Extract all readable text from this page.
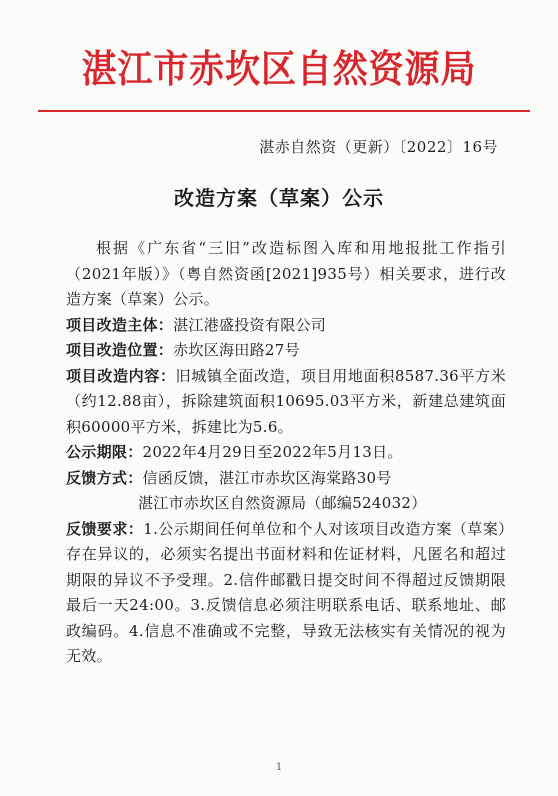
湛江市赤坎区自然资源局
湛赤自然资（更新）〔2022〕16号
改造方案（草案）公示

根据《广东省“三旧”改造标图入库和用地报批工作指引（2021年版）》（粤自然资函[2021]935号）相关要求，进行改造方案（草案）公示。

项目改造主体：湛江港盛投资有限公司

项目改造位置：赤坎区海田路27号

项目改造内容：旧城镇全面改造，项目用地面积8587.36平方米（约12.88亩），拆除建筑面积10695.03平方米，新建总建筑面积60000平方米，拆建比为5.6。

公示期限：2022年4月29日至2022年5月13日。

反馈方式：信函反馈，湛江市赤坎区海棠路30号

湛江市赤坎区自然资源局（邮编524032）

反馈要求：1.公示期间任何单位和个人对该项目改造方案（草案）存在异议的，必须实名提出书面材料和佐证材料，凡匿名和超过期限的异议不予受理。2.信件邮戳日提交时间不得超过反馈期限最后一天24:00。3.反馈信息必须注明联系电话、联系地址、邮政编码。4.信息不准确或不完整，导致无法核实有关情况的视为无效。

1
